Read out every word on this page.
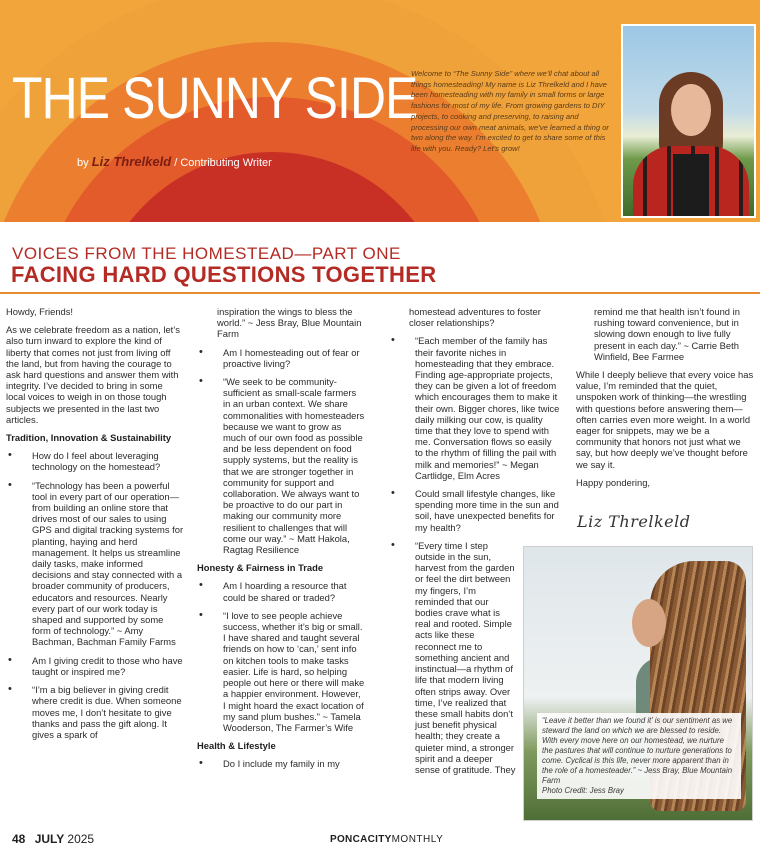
THE SUNNY SIDE
by Liz Threlkeld / Contributing Writer
Welcome to “The Sunny Side” where we’ll chat about all things homesteading! My name is Liz Threlkeld and I have been homesteading with my family in small forms or large fashions for most of my life. From growing gardens to DIY projects, to cooking and preserving, to raising and processing our own meat animals, we’ve learned a thing or two along the way. I’m excited to get to share some of this life with you. Ready? Let’s grow!
VOICES FROM THE HOMESTEAD—PART ONE
FACING HARD QUESTIONS TOGETHER

Howdy, Friends!

As we celebrate freedom as a nation, let’s also turn inward to explore the kind of liberty that comes not just from living off the land, but from having the courage to ask hard questions and answer them with integrity. I’ve decided to bring in some local voices to weigh in on those tough subjects we presented in the last two articles.

Tradition, Innovation & Sustainability
• How do I feel about leveraging technology on the homestead?
• “Technology has been a powerful tool in every part of our operation—from building an online store that drives most of our sales to using GPS and digital tracking systems for planting, haying and herd management. It helps us streamline daily tasks, make informed decisions and stay connected with a broader community of producers, educators and resources. Nearly every part of our work today is shaped and supported by some form of technology.” ~ Amy Bachman, Bachman Family Farms
• Am I giving credit to those who have taught or inspired me?
• “I’m a big believer in giving credit where credit is due. When someone moves me, I don’t hesitate to give thanks and pass the gift along. It gives a spark of

inspiration the wings to bless the world.” ~ Jess Bray, Blue Mountain Farm

• Am I homesteading out of fear or proactive living?
• “We seek to be community-sufficient as small-scale farmers in an urban context. We share commonalities with homesteaders because we want to grow as much of our own food as possible and be less dependent on food supply systems, but the reality is that we are stronger together in community for support and collaboration. We always want to be proactive to do our part in making our community more resilient to challenges that will come our way.” ~ Matt Hakola, Ragtag Resilience
Honesty & Fairness in Trade
• Am I hoarding a resource that could be shared or traded?
• “I love to see people achieve success, whether it’s big or small. I have shared and taught several friends on how to ‘can,’ sent info on kitchen tools to make tasks easier. Life is hard, so helping people out here or there will make a happier environment. However, I might hoard the exact location of my sand plum bushes.” ~ Tamela Wooderson, The Farmer’s Wife
Health & Lifestyle
• Do I include my family in my

homestead adventures to foster closer relationships?

• “Each member of the family has their favorite niches in homesteading that they embrace. Finding age-appropriate projects, they can be given a lot of freedom which encourages them to make it their own. Bigger chores, like twice daily milking our cow, is quality time that they love to spend with me. Conversation flows so easily to the rhythm of filling the pail with milk and memories!” ~ Megan Cartlidge, Elm Acres
• Could small lifestyle changes, like spending more time in the sun and soil, have unexpected benefits for my health?
• “Every time I step outside in the sun, harvest from the garden or feel the dirt between my fingers, I’m reminded that our bodies crave what is real and rooted. Simple acts like these reconnect me to something ancient and instinctual—a rhythm of life that modern living often strips away. Over time, I’ve realized that these small habits don’t just benefit physical health; they create a quieter mind, a stronger spirit and a deeper sense of gratitude. They

remind me that health isn’t found in rushing toward convenience, but in slowing down enough to live fully present in each day.” ~ Carrie Beth Winfield, Bee Farmee

While I deeply believe that every voice has value, I’m reminded that the quiet, unspoken work of thinking—the wrestling with questions before answering them—often carries even more weight. In a world eager for snippets, may we be a community that honors not just what we say, but how deeply we’ve thought before we say it.

Happy pondering,

Liz Threlkeld
“Leave it better than we found it’ is our sentiment as we steward the land on which we are blessed to reside. With every move here on our homestead, we nurture the pastures that will continue to nurture generations to come. Cyclical is this life, never more apparent than in the role of a homesteader.” ~ Jess Bray, Blue Mountain Farm
Photo Credit: Jess Bray
48 JULY 2025	PONCACITYMONTHLY
